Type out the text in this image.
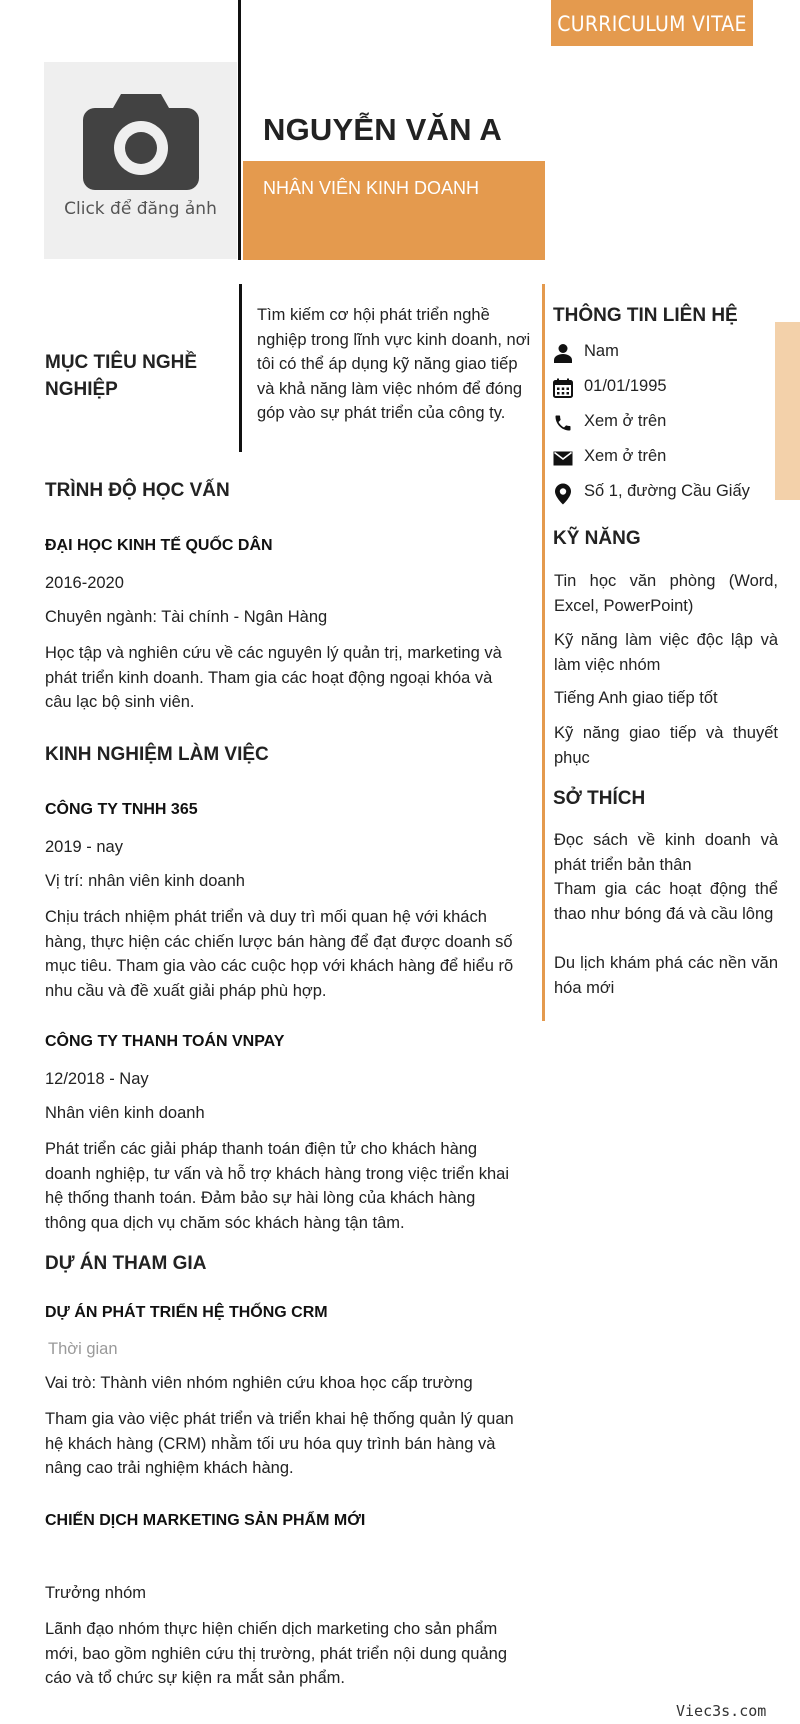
CURRICULUM VITAE
Click để đăng ảnh
NGUYỄN VĂN A
NHÂN VIÊN KINH DOANH
MỤC TIÊU NGHỀ NGHIỆP
Tìm kiếm cơ hội phát triển nghề nghiệp trong lĩnh vực kinh doanh, nơi tôi có thể áp dụng kỹ năng giao tiếp và khả năng làm việc nhóm để đóng góp vào sự phát triển của công ty.
TRÌNH ĐỘ HỌC VẤN
ĐẠI HỌC KINH TẾ QUỐC DÂN
2016-2020
Chuyên ngành: Tài chính - Ngân Hàng
Học tập và nghiên cứu về các nguyên lý quản trị, marketing và phát triển kinh doanh. Tham gia các hoạt động ngoại khóa và câu lạc bộ sinh viên.
KINH NGHIỆM LÀM VIỆC
CÔNG TY TNHH 365
2019 - nay
Vị trí: nhân viên kinh doanh
Chịu trách nhiệm phát triển và duy trì mối quan hệ với khách hàng, thực hiện các chiến lược bán hàng để đạt được doanh số mục tiêu. Tham gia vào các cuộc họp với khách hàng để hiểu rõ nhu cầu và đề xuất giải pháp phù hợp.
CÔNG TY THANH TOÁN VNPAY
12/2018 - Nay
Nhân viên kinh doanh
Phát triển các giải pháp thanh toán điện tử cho khách hàng doanh nghiệp, tư vấn và hỗ trợ khách hàng trong việc triển khai hệ thống thanh toán. Đảm bảo sự hài lòng của khách hàng thông qua dịch vụ chăm sóc khách hàng tận tâm.
DỰ ÁN THAM GIA
DỰ ÁN PHÁT TRIỂN HỆ THỐNG CRM
Thời gian
Vai trò: Thành viên nhóm nghiên cứu khoa học cấp trường
Tham gia vào việc phát triển và triển khai hệ thống quản lý quan hệ khách hàng (CRM) nhằm tối ưu hóa quy trình bán hàng và nâng cao trải nghiệm khách hàng.
CHIẾN DỊCH MARKETING SẢN PHẨM MỚI
Trưởng nhóm
Lãnh đạo nhóm thực hiện chiến dịch marketing cho sản phẩm mới, bao gồm nghiên cứu thị trường, phát triển nội dung quảng cáo và tổ chức sự kiện ra mắt sản phẩm.
THÔNG TIN LIÊN HỆ
Nam
01/01/1995
Xem ở trên
Xem ở trên
Số 1, đường Cầu Giấy
KỸ NĂNG
Tin học văn phòng (Word, Excel, PowerPoint)
Kỹ năng làm việc độc lập và làm việc nhóm
Tiếng Anh giao tiếp tốt
Kỹ năng giao tiếp và thuyết phục
SỞ THÍCH
Đọc sách về kinh doanh và phát triển bản thân
Tham gia các hoạt động thể thao như bóng đá và cầu lông
Du lịch khám phá các nền văn hóa mới
Viec3s.com
